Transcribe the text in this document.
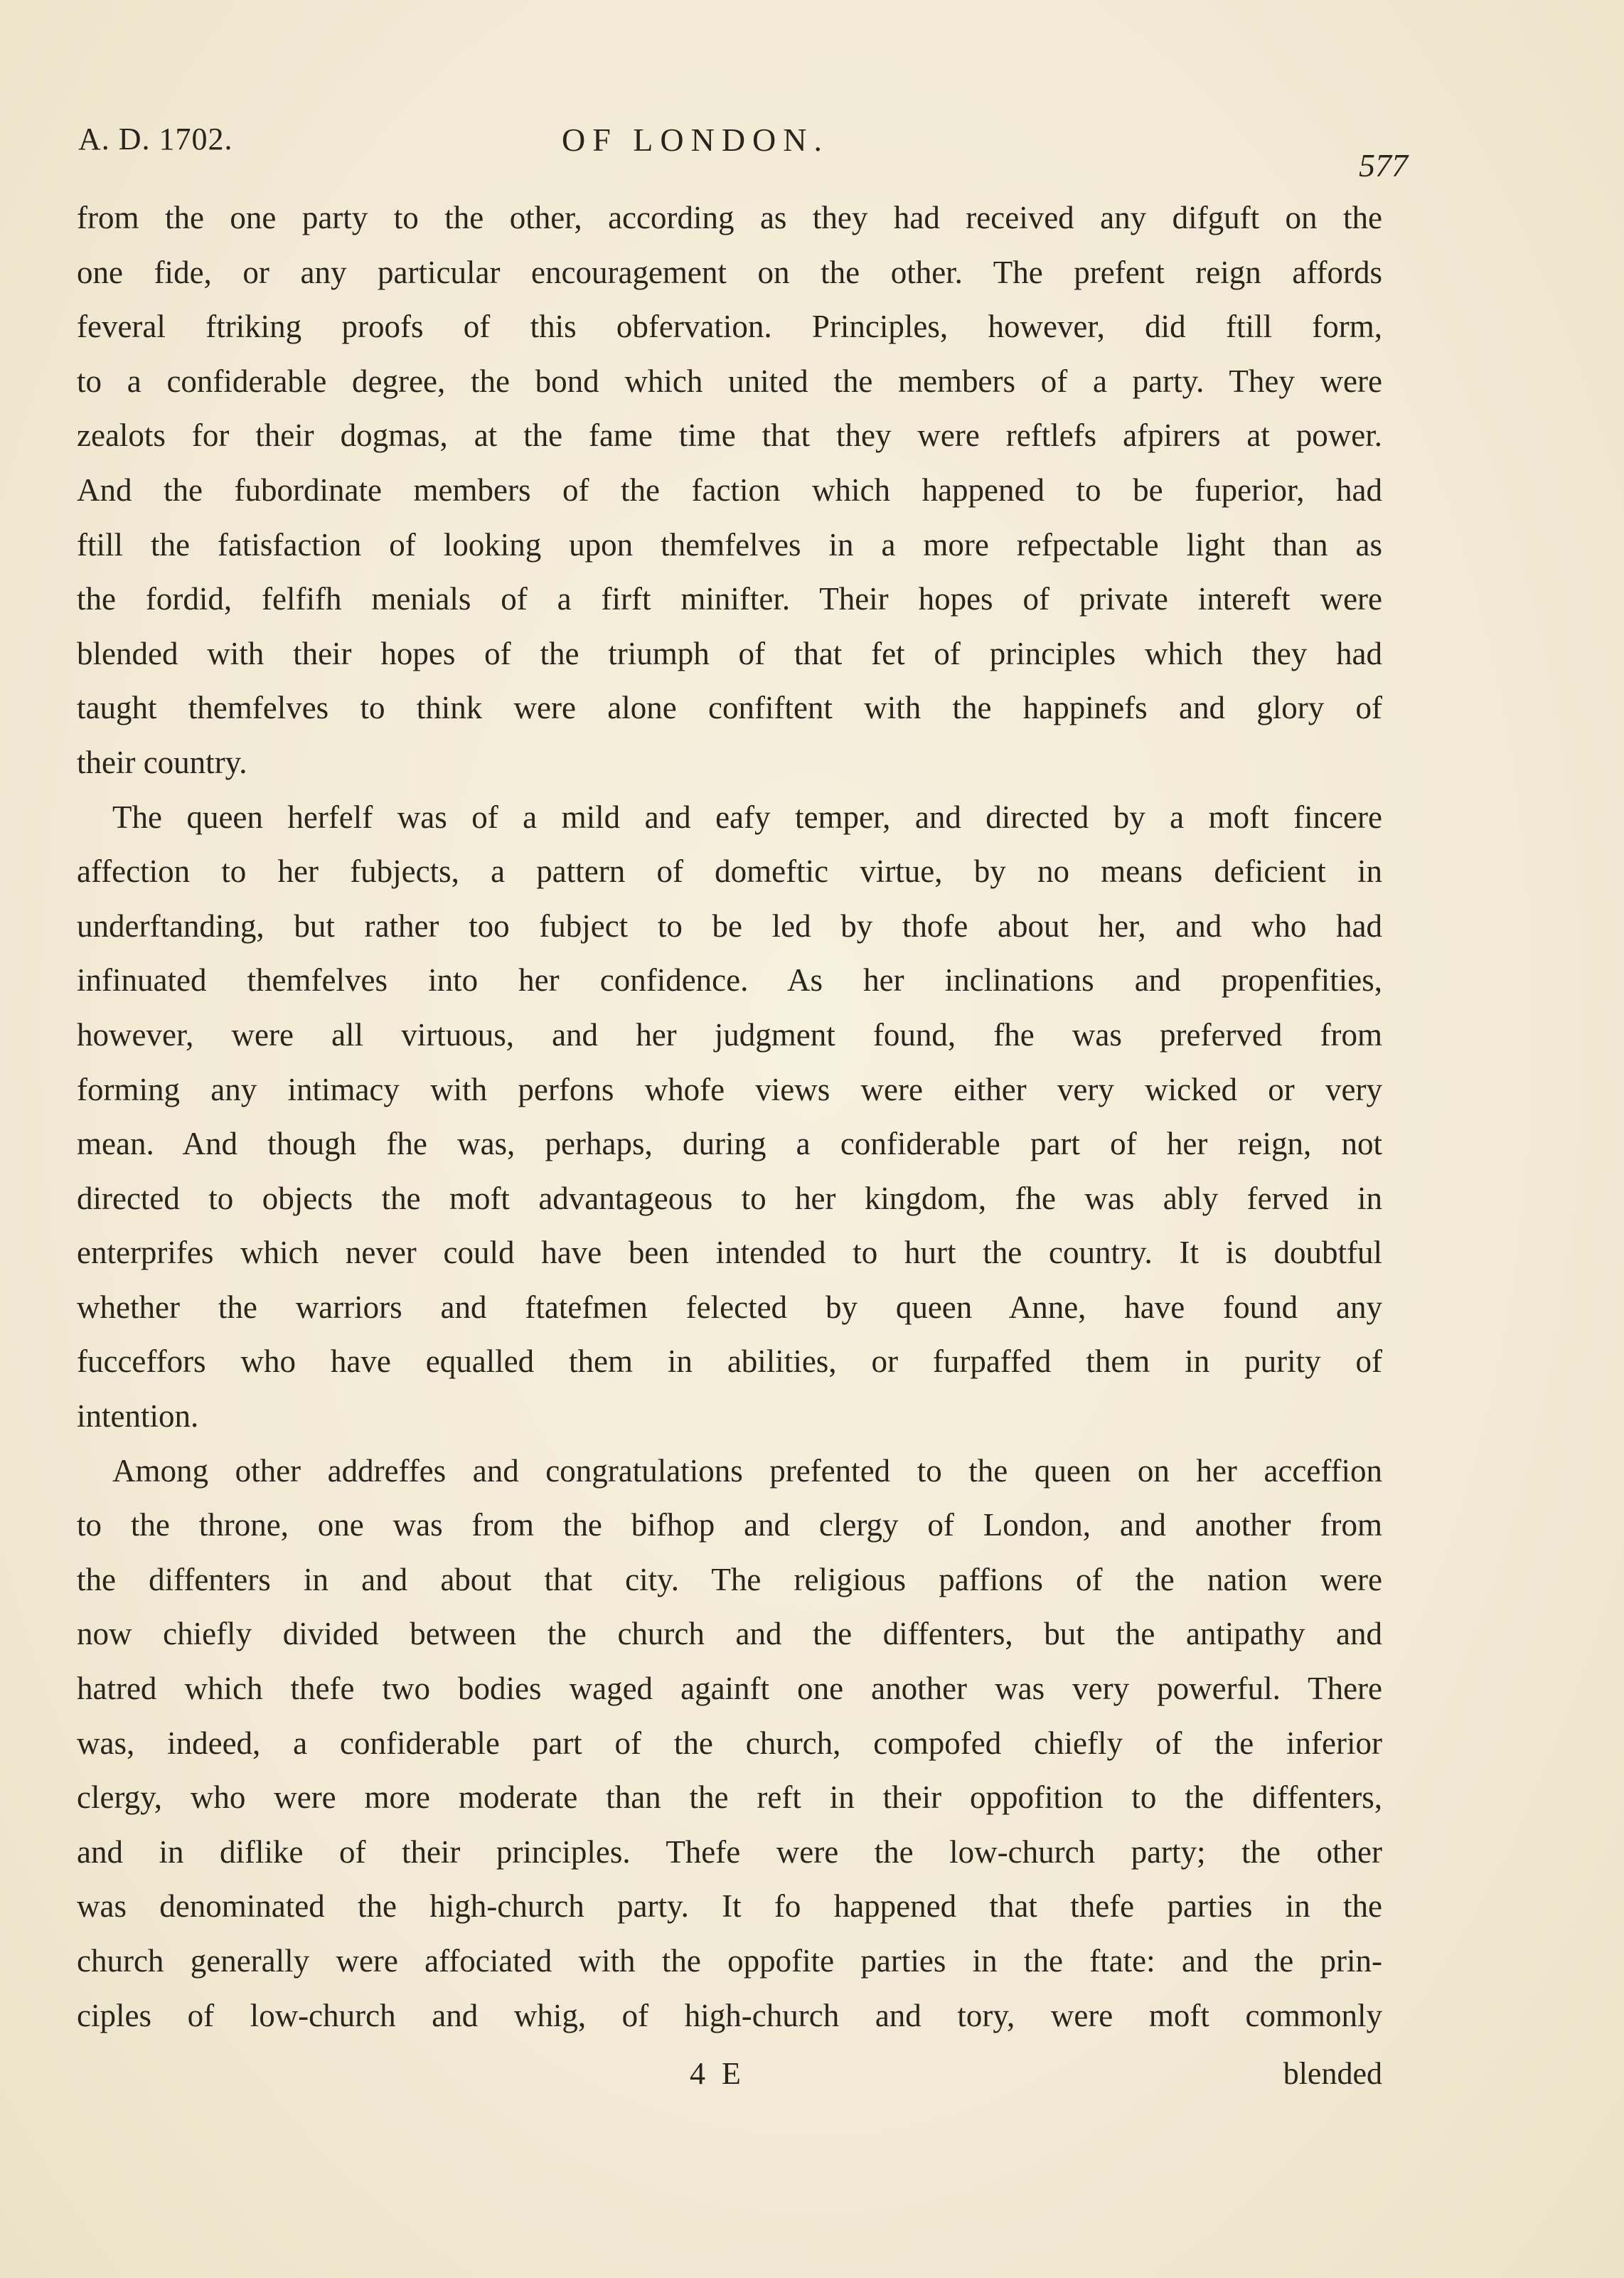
A. D. 1702.	OF LONDON.
577
from the one party to the other, according as they had received any difguft on the
one fide, or any particular encouragement on the other. The prefent reign affords
feveral ftriking proofs of this obfervation. Principles, however, did ftill form,
to a confiderable degree, the bond which united the members of a party. They were
zealots for their dogmas, at the fame time that they were reftlefs afpirers at power.
And the fubordinate members of the faction which happened to be fuperior, had
ftill the fatisfaction of looking upon themfelves in a more refpectable light than as
the fordid, felfifh menials of a firft minifter. Their hopes of private intereft were
blended with their hopes of the triumph of that fet of principles which they had
taught themfelves to think were alone confiftent with the happinefs and glory of
their country.
The queen herfelf was of a mild and eafy temper, and directed by a moft fincere
affection to her fubjects, a pattern of domeftic virtue, by no means deficient in
underftanding, but rather too fubject to be led by thofe about her, and who had
infinuated themfelves into her confidence. As her inclinations and propenfities,
however, were all virtuous, and her judgment found, fhe was preferved from
forming any intimacy with perfons whofe views were either very wicked or very
mean. And though fhe was, perhaps, during a confiderable part of her reign, not
directed to objects the moft advantageous to her kingdom, fhe was ably ferved in
enterprifes which never could have been intended to hurt the country. It is doubtful
whether the warriors and ftatefmen felected by queen Anne, have found any
fucceffors who have equalled them in abilities, or furpaffed them in purity of
intention.
Among other addreffes and congratulations prefented to the queen on her acceffion
to the throne, one was from the bifhop and clergy of London, and another from
the diffenters in and about that city. The religious paffions of the nation were
now chiefly divided between the church and the diffenters, but the antipathy and
hatred which thefe two bodies waged againft one another was very powerful. There
was, indeed, a confiderable part of the church, compofed chiefly of the inferior
clergy, who were more moderate than the reft in their oppofition to the diffenters,
and in diflike of their principles. Thefe were the low-church party; the other
was denominated the high-church party. It fo happened that thefe parties in the
church generally were affociated with the oppofite parties in the ftate: and the prin-
ciples of low-church and whig, of high-church and tory, were moft commonly
4 E	blended
